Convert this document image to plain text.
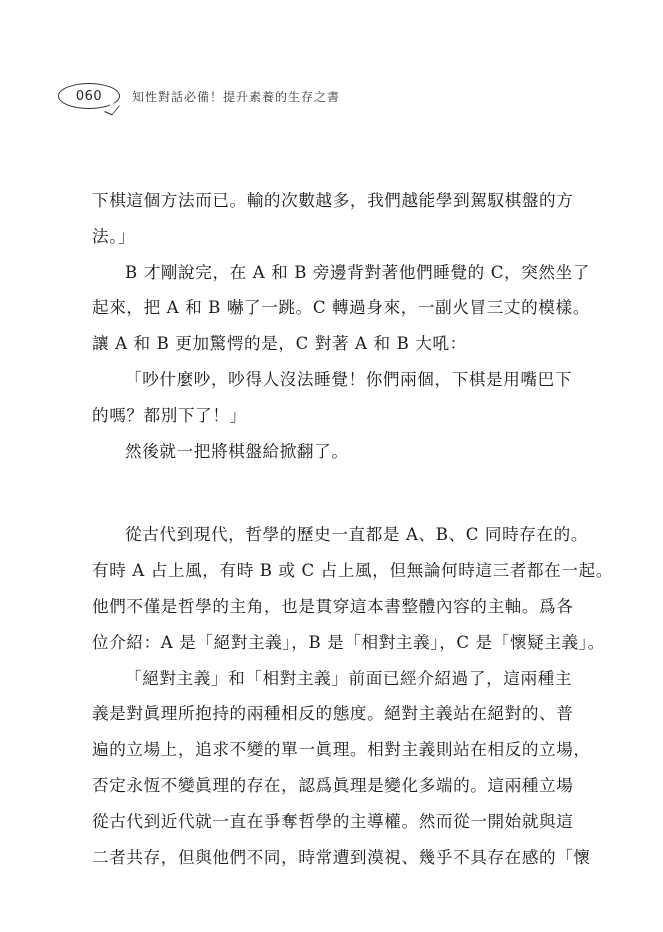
060 知性對話必備！提升素養的生存之書
下棋這個方法而已。輸的次數越多，我們越能學到駕馭棋盤的方
法。」
B 才剛說完，在 A 和 B 旁邊背對著他們睡覺的 C，突然坐了
起來，把 A 和 B 嚇了一跳。C 轉過身來，一副火冒三丈的模樣。
讓 A 和 B 更加驚愕的是，C 對著 A 和 B 大吼：
「吵什麼吵，吵得人沒法睡覺！你們兩個，下棋是用嘴巴下
的嗎？都別下了！」
然後就一把將棋盤給掀翻了。
從古代到現代，哲學的歷史一直都是 A、B、C 同時存在的。
有時 A 占上風，有時 B 或 C 占上風，但無論何時這三者都在一起。
他們不僅是哲學的主角，也是貫穿這本書整體內容的主軸。爲各
位介紹：A 是「絕對主義」，B 是「相對主義」，C 是「懷疑主義」。
「絕對主義」和「相對主義」前面已經介紹過了，這兩種主
義是對眞理所抱持的兩種相反的態度。絕對主義站在絕對的、普
遍的立場上，追求不變的單一眞理。相對主義則站在相反的立場，
否定永恆不變眞理的存在，認爲眞理是變化多端的。這兩種立場
從古代到近代就一直在爭奪哲學的主導權。然而從一開始就與這
二者共存，但與他們不同，時常遭到漠視、幾乎不具存在感的「懷
